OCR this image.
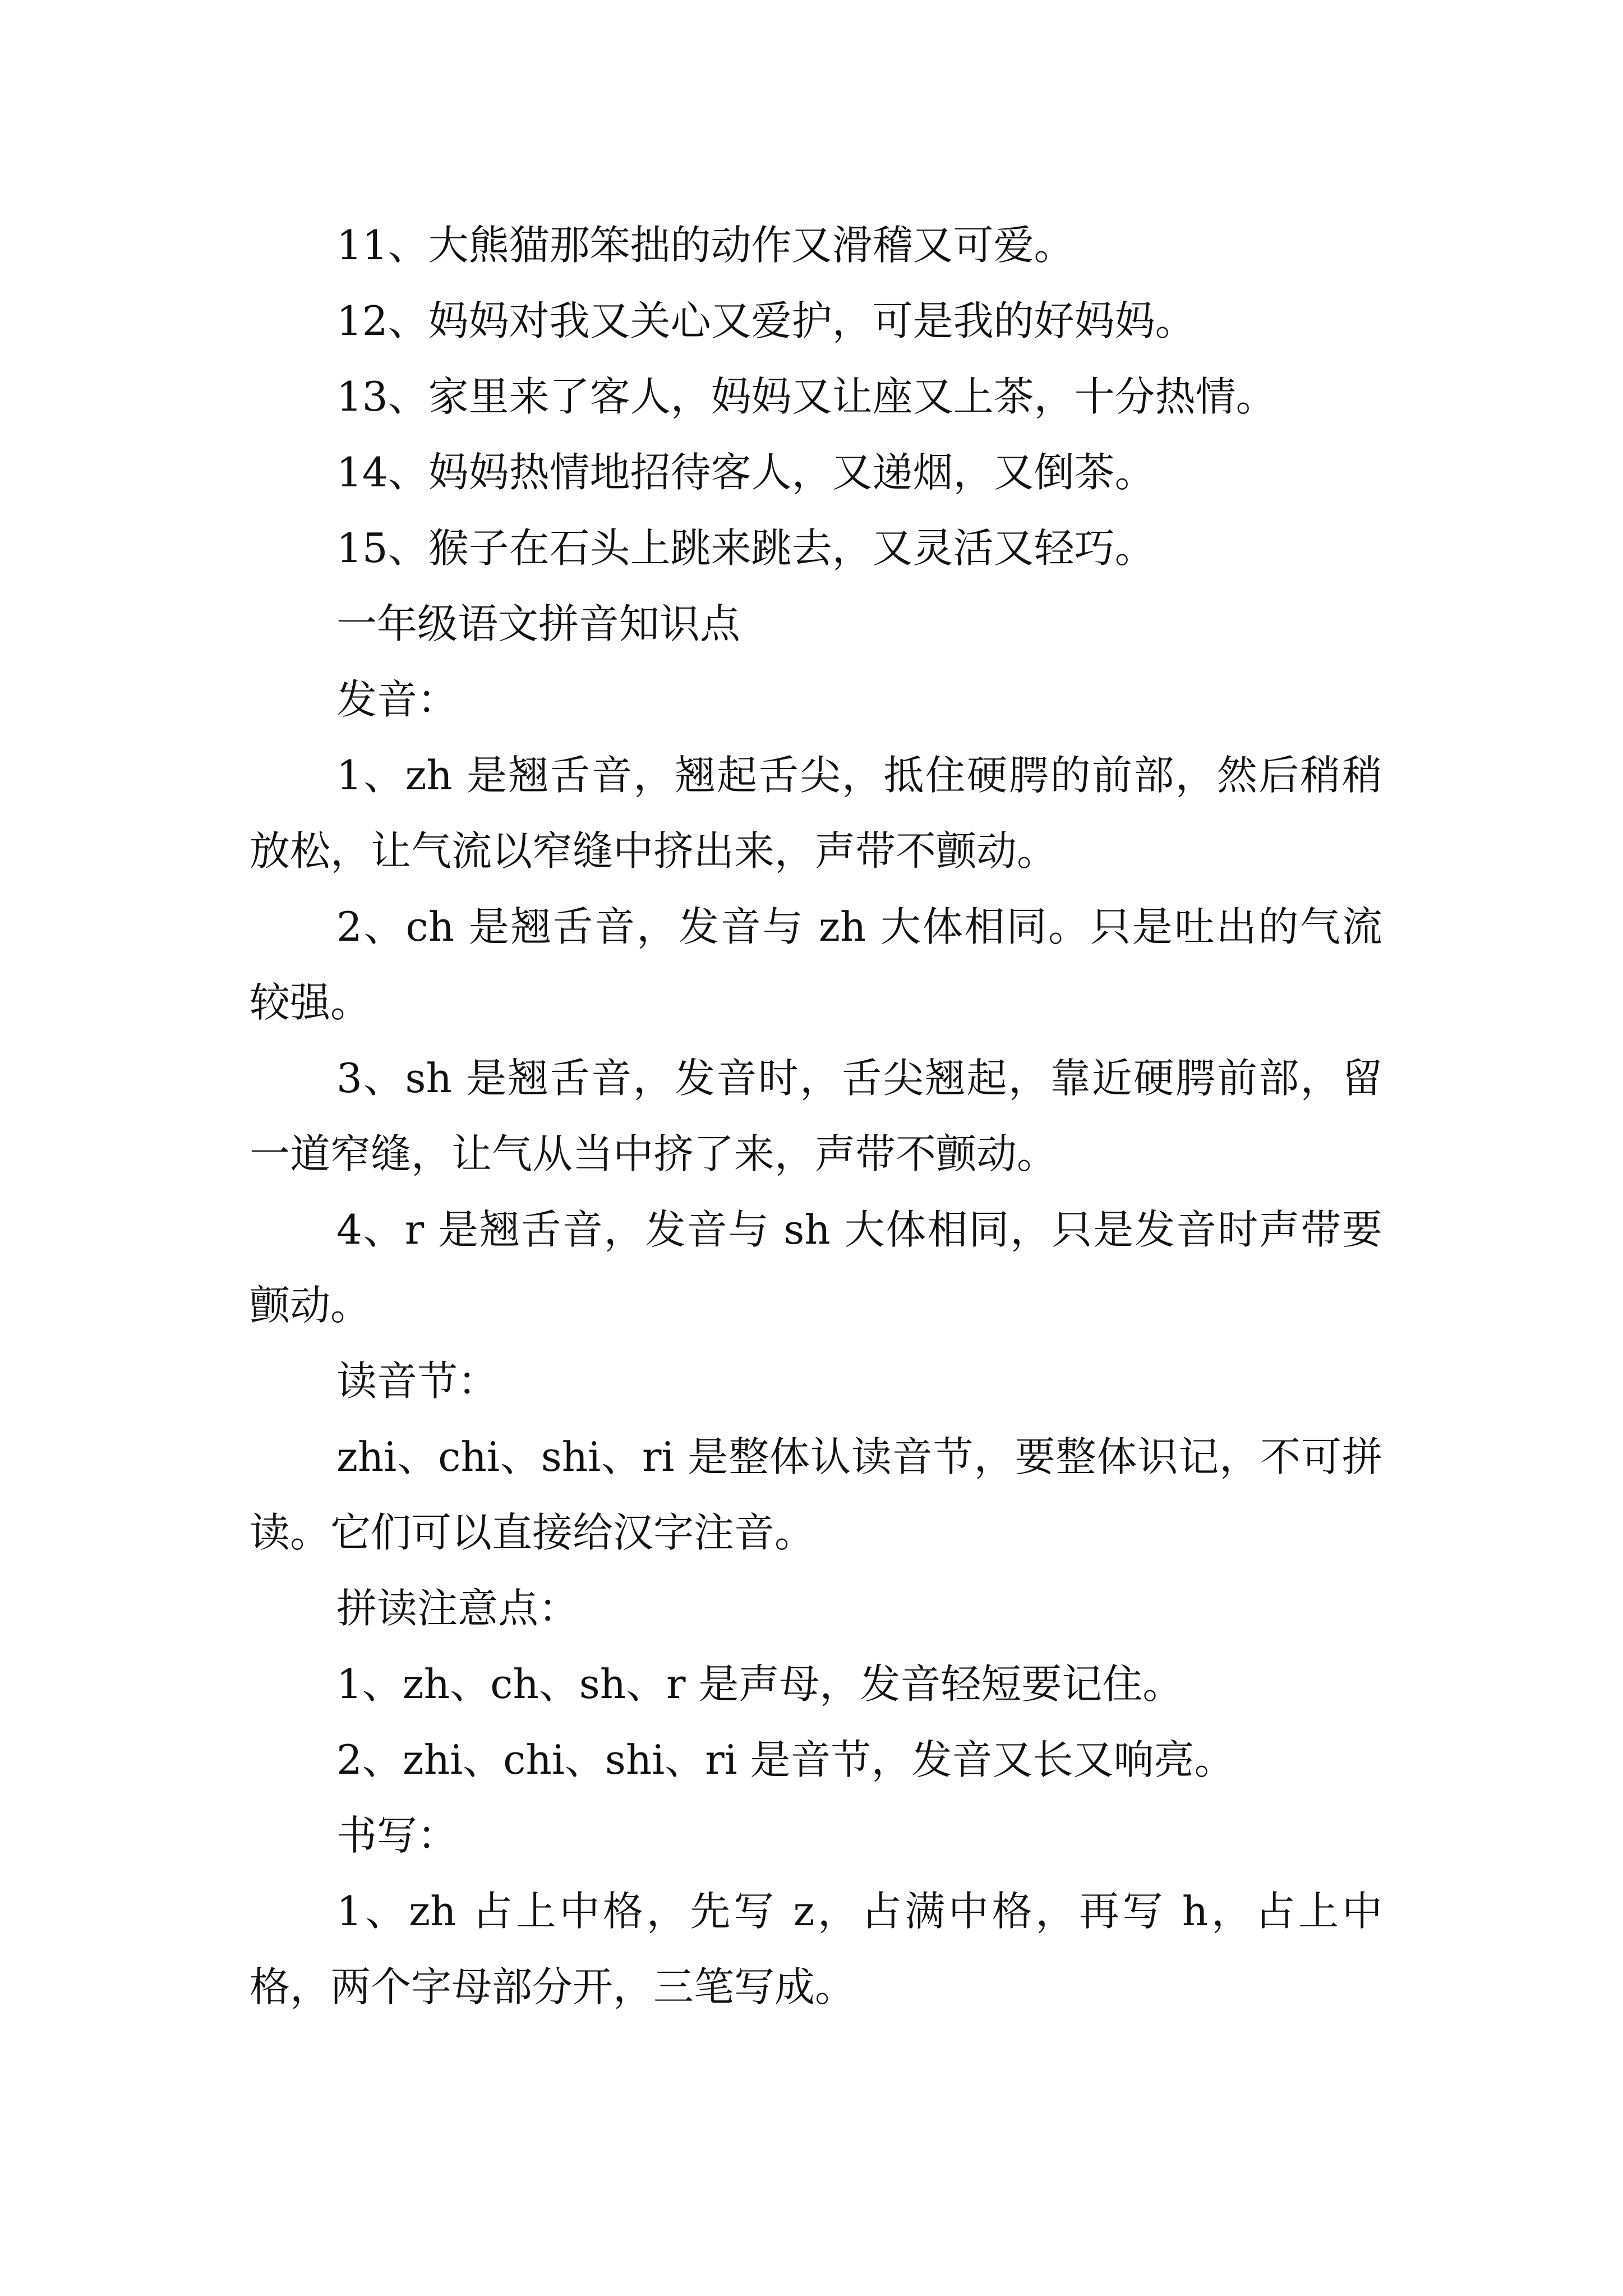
11、大熊猫那笨拙的动作又滑稽又可爱。

12、妈妈对我又关心又爱护，可是我的好妈妈。

13、家里来了客人，妈妈又让座又上茶，十分热情。

14、妈妈热情地招待客人，又递烟，又倒茶。

15、猴子在石头上跳来跳去，又灵活又轻巧。

一年级语文拼音知识点

发音：

1、zh 是翘舌音，翘起舌尖，抵住硬腭的前部，然后稍稍放松，让气流以窄缝中挤出来，声带不颤动。

2、ch 是翘舌音，发音与 zh 大体相同。只是吐出的气流较强。

3、sh 是翘舌音，发音时，舌尖翘起，靠近硬腭前部，留一道窄缝，让气从当中挤了来，声带不颤动。

4、r 是翘舌音，发音与 sh 大体相同，只是发音时声带要颤动。

读音节：

zhi、chi、shi、ri 是整体认读音节，要整体识记，不可拼读。它们可以直接给汉字注音。

拼读注意点：

1、zh、ch、sh、r 是声母，发音轻短要记住。

2、zhi、chi、shi、ri 是音节，发音又长又响亮。

书写：

1、zh 占上中格，先写 z，占满中格，再写 h，占上中格，两个字母部分开，三笔写成。
